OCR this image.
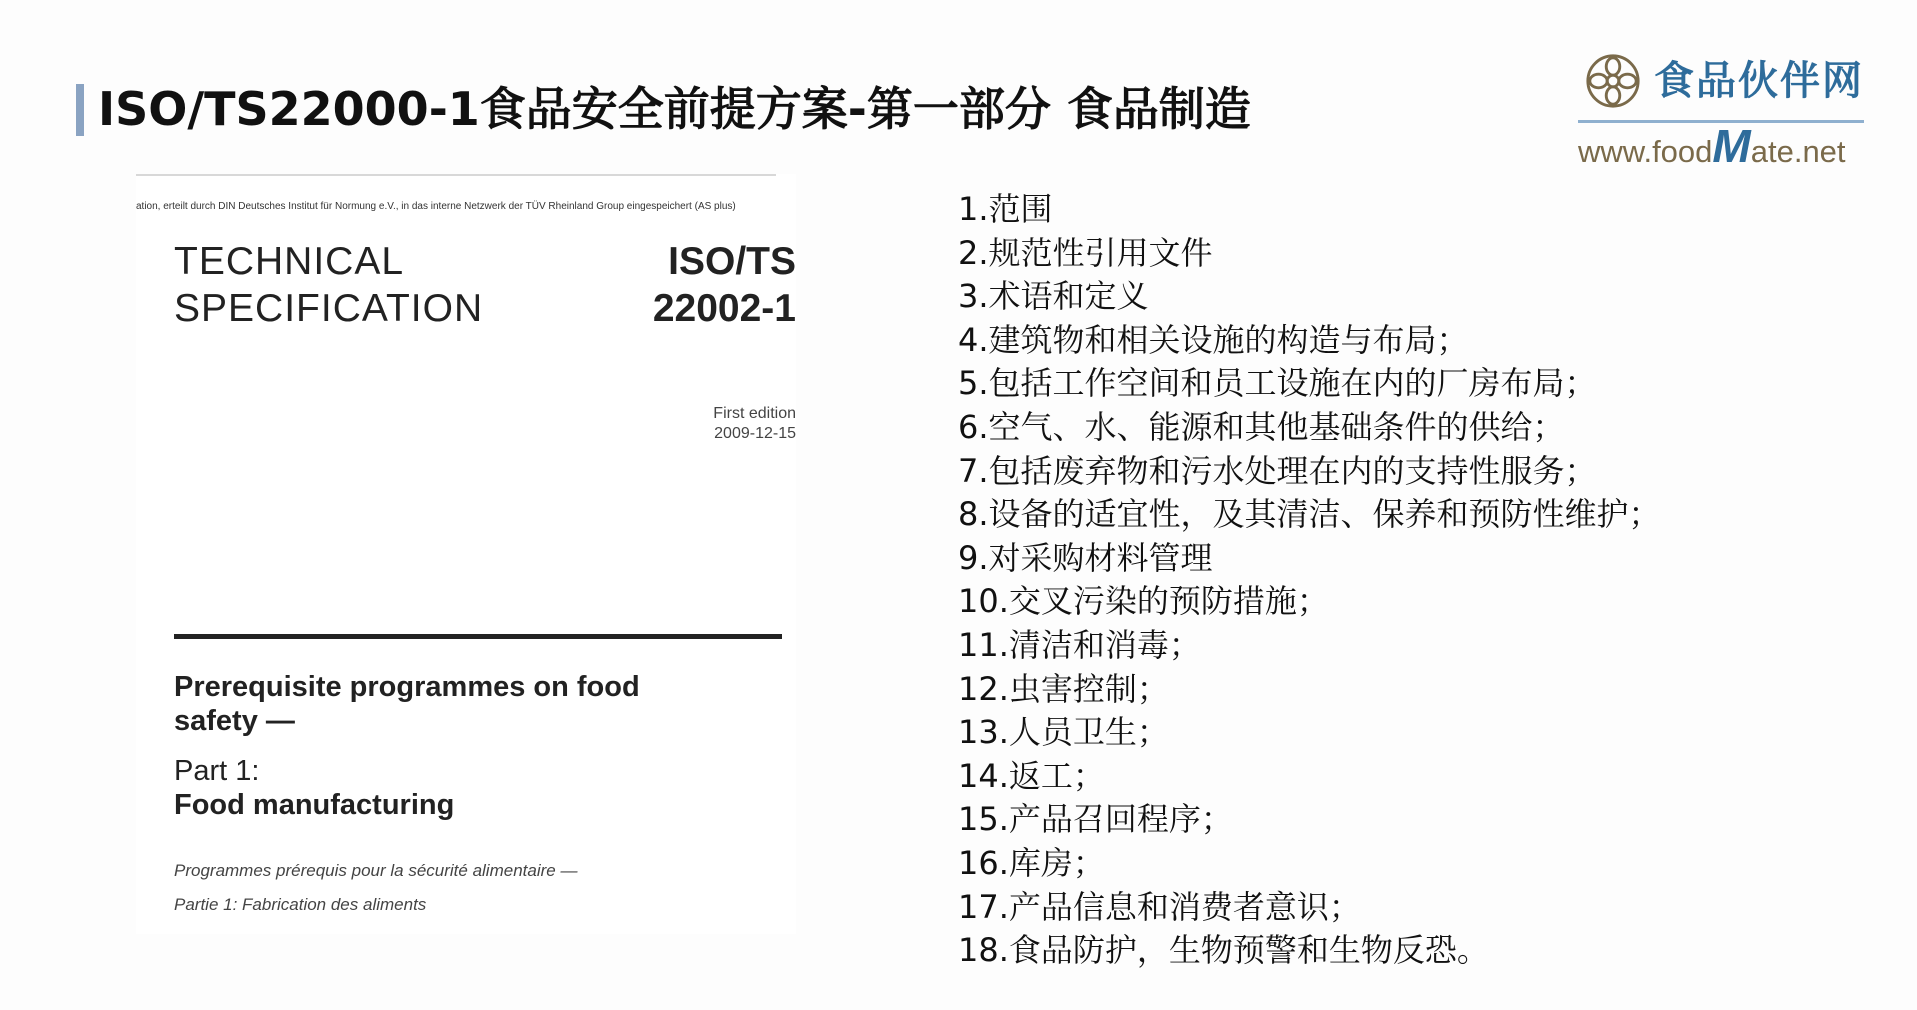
ISO/TS22000-1食品安全前提方案-第一部分 食品制造
食品伙伴网
www.foodMate.net
ation, erteilt durch DIN Deutsches Institut für Normung e.V., in das interne Netzwerk der TÜV Rheinland Group eingespeichert (AS plus)
TECHNICAL
SPECIFICATION
ISO/TS
22002-1
First edition
2009-12-15
Prerequisite programmes on food
safety —
Part 1:
Food manufacturing
Programmes prérequis pour la sécurité alimentaire —
Partie 1: Fabrication des aliments
1.范围
2.规范性引用文件
3.术语和定义
4.建筑物和相关设施的构造与布局；
5.包括工作空间和员工设施在内的厂房布局；
6.空气、水、能源和其他基础条件的供给；
7.包括废弃物和污水处理在内的支持性服务；
8.设备的适宜性，及其清洁、保养和预防性维护；
9.对采购材料管理
10.交叉污染的预防措施；
11.清洁和消毒；
12.虫害控制；
13.人员卫生；
14.返工；
15.产品召回程序；
16.库房；
17.产品信息和消费者意识；
18.食品防护，生物预警和生物反恐。
